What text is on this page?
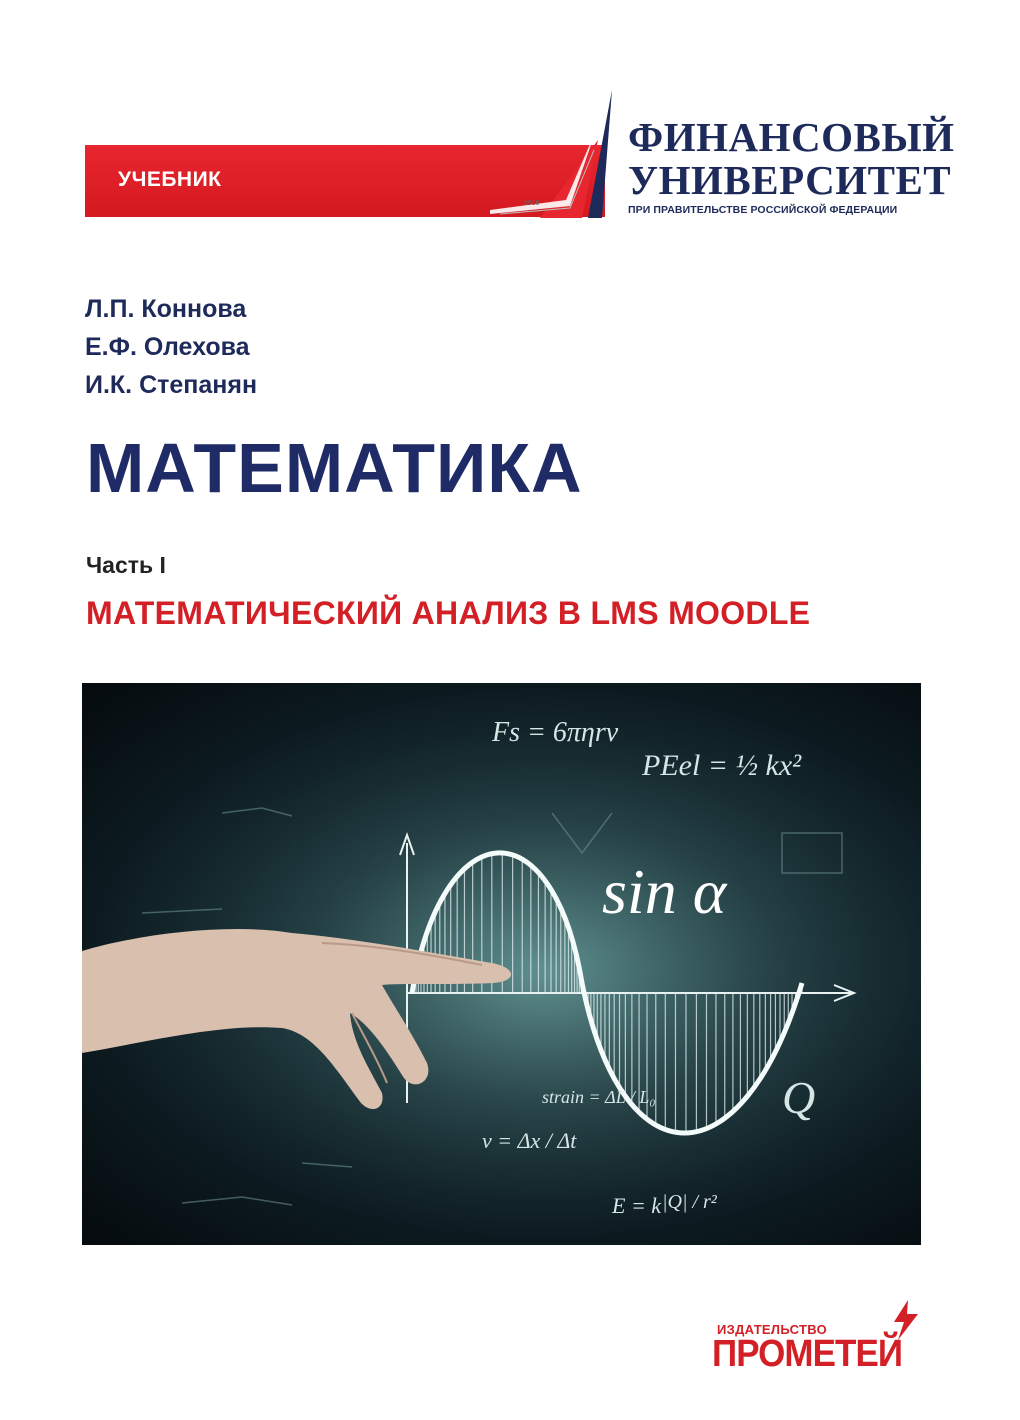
УЧЕБНИК
1919
ФИНАНСОВЫЙ
УНИВЕРСИТЕТ
ПРИ ПРАВИТЕЛЬСТВЕ РОССИЙСКОЙ ФЕДЕРАЦИИ
Л.П. Коннова
Е.Ф. Олехова
И.К. Степанян
МАТЕМАТИКА
Часть I
МАТЕМАТИЧЕСКИЙ АНАЛИЗ В LMS MOODLE
Fs = 6πηrv
PEel = ½ kx²
sin α
strain = ΔL / L₀
v = Δx / Δt
Q
E = k |Q| / r²
ИЗДАТЕЛЬСТВО
ПРОМЕТЕЙ
